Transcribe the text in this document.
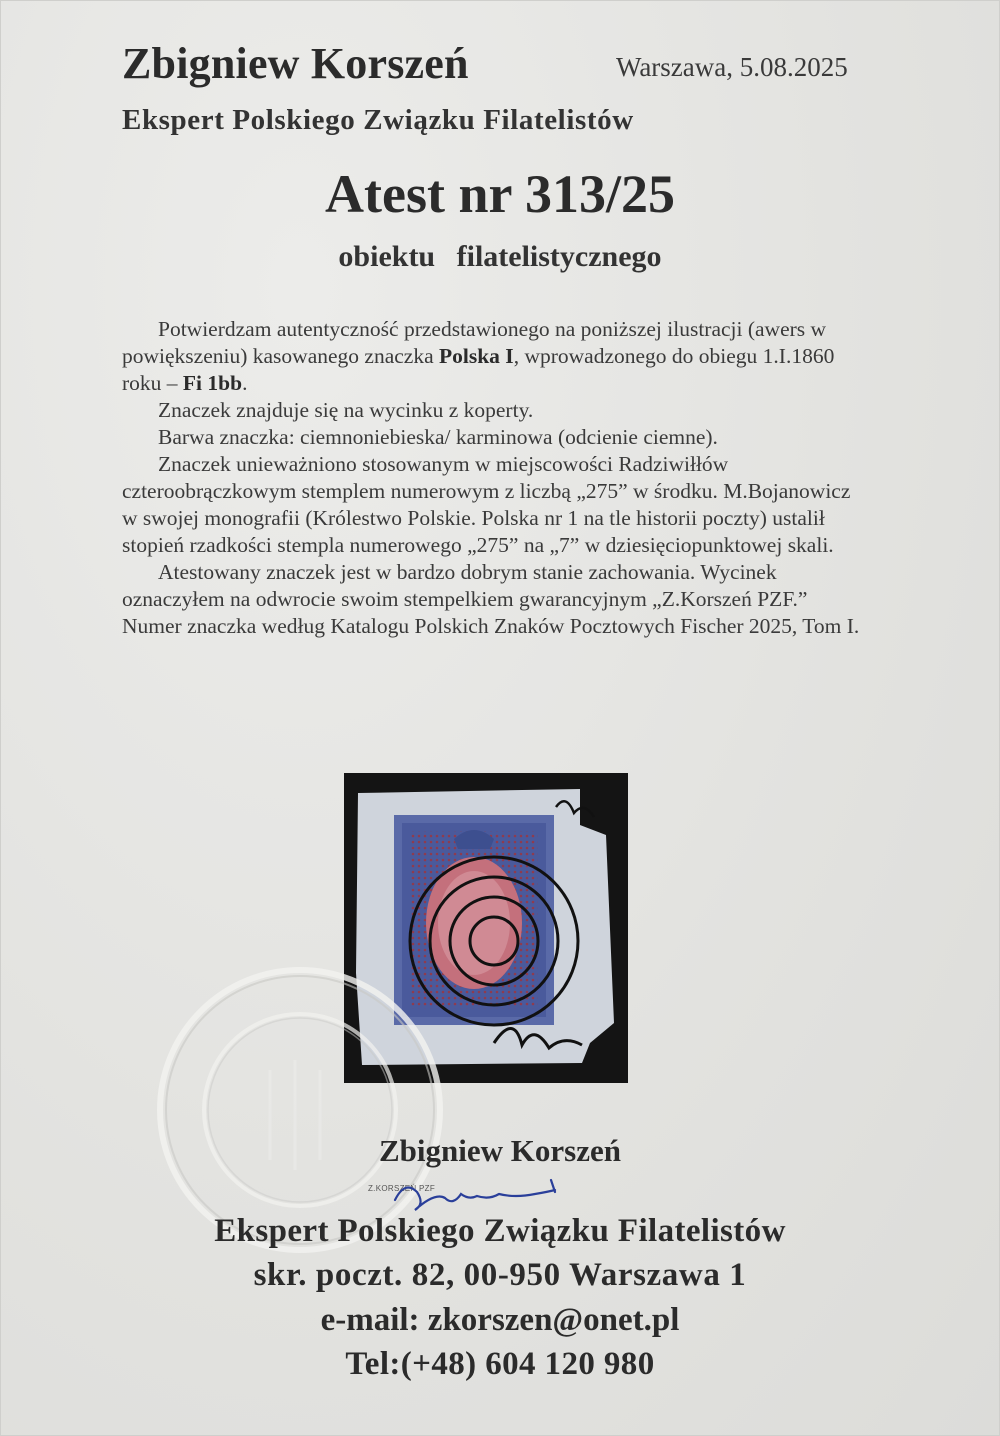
Zbigniew Korszeń	Warszawa, 5.08.2025
Ekspert Polskiego Związku Filatelistów
Atest nr 313/25
obiektu filatelistycznego

Potwierdzam autentyczność przedstawionego na poniższej ilustracji (awers w powiększeniu) kasowanego znaczka Polska I, wprowadzonego do obiegu 1.I.1860 roku – Fi 1bb.

Znaczek znajduje się na wycinku z koperty.

Barwa znaczka: ciemnoniebieska/ karminowa (odcienie ciemne).

Znaczek unieważniono stosowanym w miejscowości Radziwiłłów czteroobrączkowym stemplem numerowym z liczbą „275” w środku. M.Bojanowicz w swojej monografii (Królestwo Polskie. Polska nr 1 na tle historii poczty) ustalił stopień rzadkości stempla numerowego „275” na „7” w dziesięciopunktowej skali.

Atestowany znaczek jest w bardzo dobrym stanie zachowania. Wycinek oznaczyłem na odwrocie swoim stempelkiem gwarancyjnym „Z.Korszeń PZF.” Numer znaczka według Katalogu Polskich Znaków Pocztowych Fischer 2025, Tom I.

Zbigniew Korszeń
Z.KORSZEŃ PZF
Ekspert Polskiego Związku Filatelistów
skr. poczt. 82, 00-950 Warszawa 1
e-mail: zkorszen@onet.pl
Tel:(+48) 604 120 980
